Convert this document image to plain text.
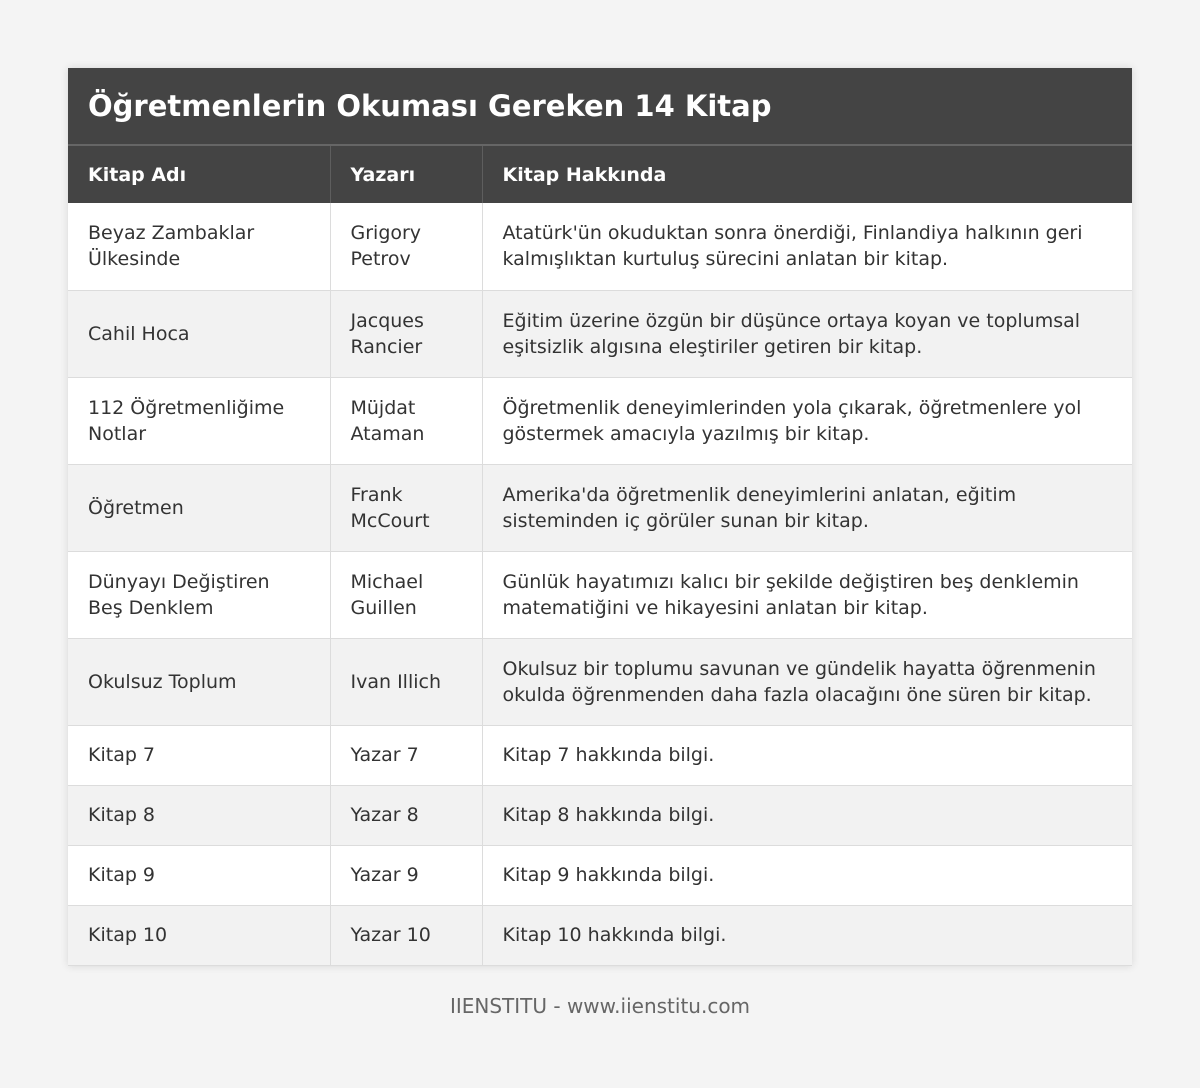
Öğretmenlerin Okuması Gereken 14 Kitap
Kitap Adı	Yazarı	Kitap Hakkında
Beyaz Zambaklar Ülkesinde	Grigory Petrov	Atatürk'ün okuduktan sonra önerdiği, Finlandiya halkının geri kalmışlıktan kurtuluş sürecini anlatan bir kitap.
Cahil Hoca	Jacques Rancier	Eğitim üzerine özgün bir düşünce ortaya koyan ve toplumsal eşitsizlik algısına eleştiriler getiren bir kitap.
112 Öğretmenliğime Notlar	Müjdat Ataman	Öğretmenlik deneyimlerinden yola çıkarak, öğretmenlere yol göstermek amacıyla yazılmış bir kitap.
Öğretmen	Frank McCourt	Amerika'da öğretmenlik deneyimlerini anlatan, eğitim sisteminden iç görüler sunan bir kitap.
Dünyayı Değiştiren Beş Denklem	Michael Guillen	Günlük hayatımızı kalıcı bir şekilde değiştiren beş denklemin matematiğini ve hikayesini anlatan bir kitap.
Okulsuz Toplum	Ivan Illich	Okulsuz bir toplumu savunan ve gündelik hayatta öğrenmenin okulda öğrenmenden daha fazla olacağını öne süren bir kitap.
Kitap 7	Yazar 7	Kitap 7 hakkında bilgi.
Kitap 8	Yazar 8	Kitap 8 hakkında bilgi.
Kitap 9	Yazar 9	Kitap 9 hakkında bilgi.
Kitap 10	Yazar 10	Kitap 10 hakkında bilgi.
IIENSTITU - www.iienstitu.com
